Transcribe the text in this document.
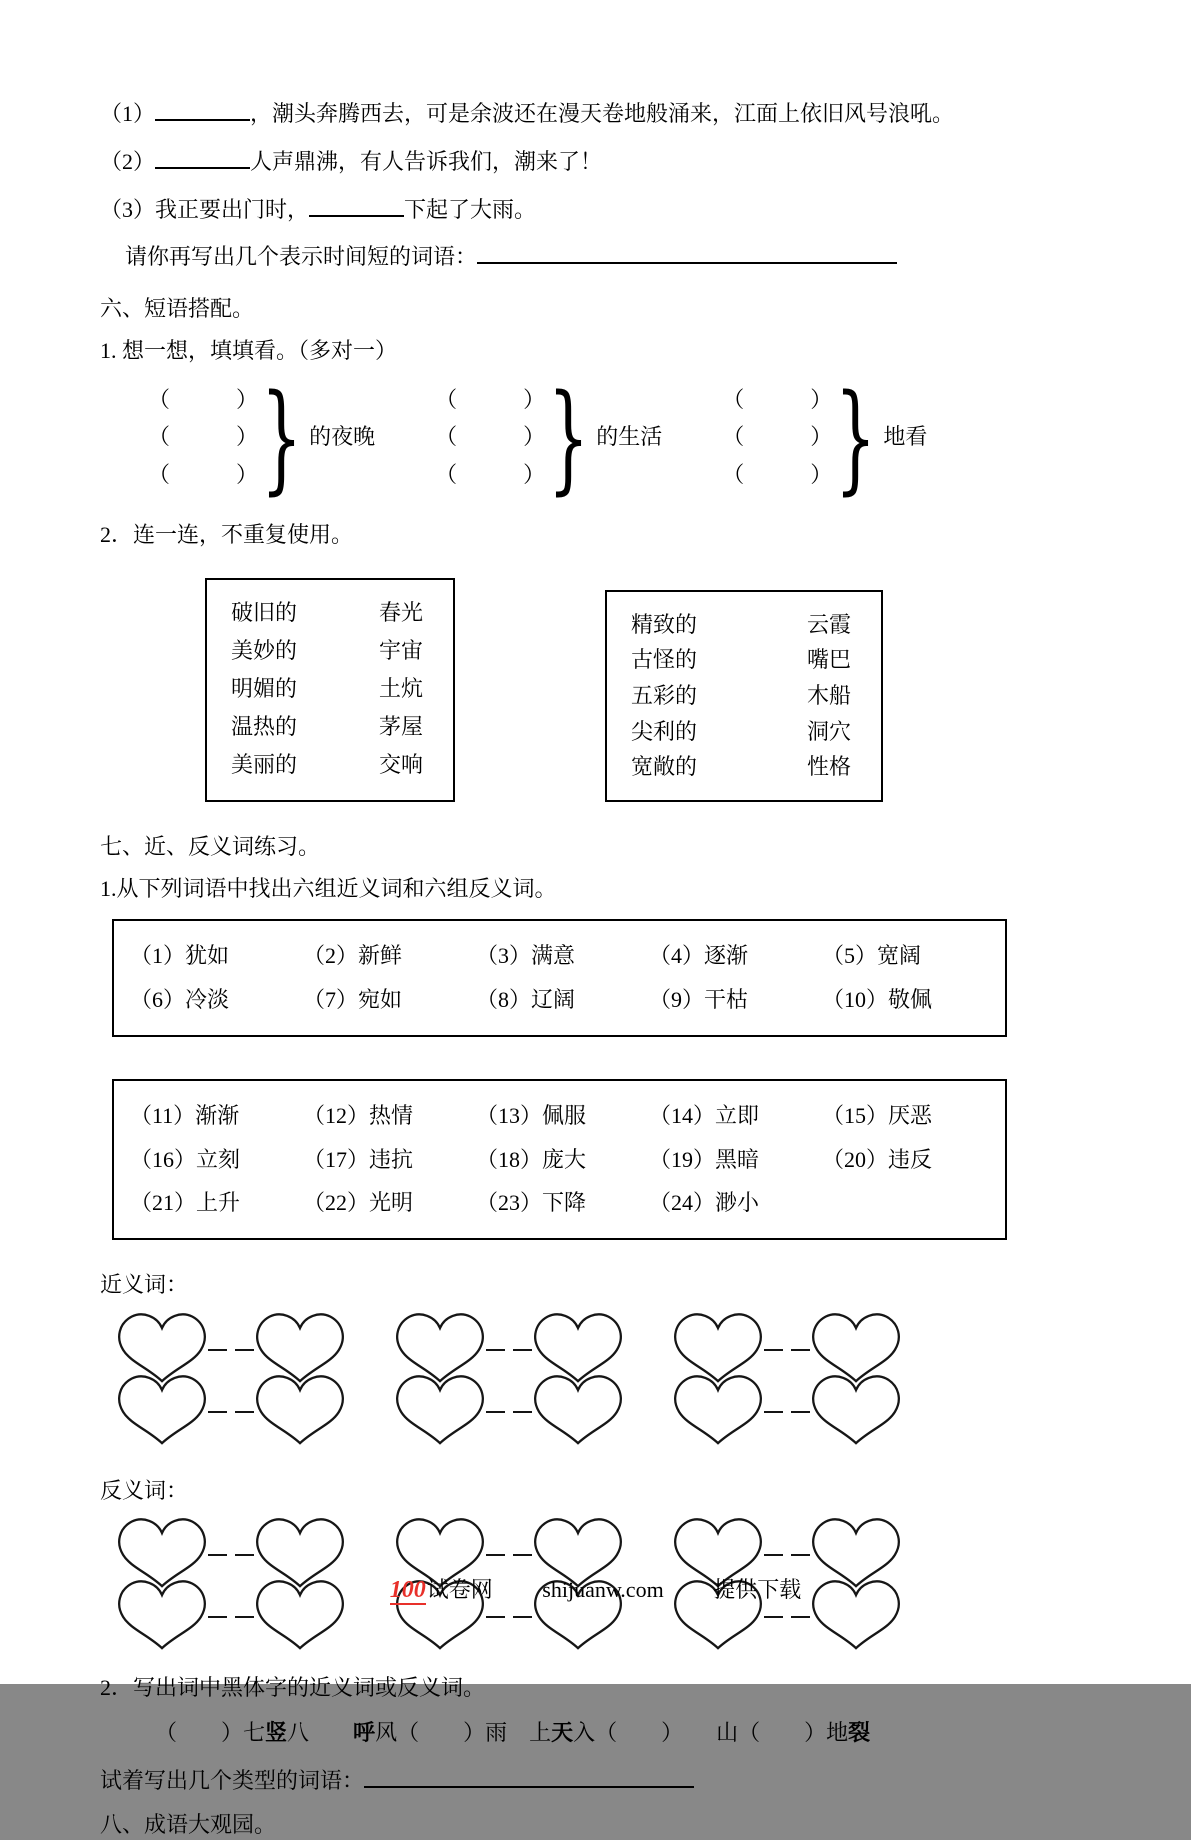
（1）	，潮头奔腾西去，可是余波还在漫天卷地般涌来，江面上依旧风号浪吼。
（2）	人声鼎沸，有人告诉我们，潮来了！
（3）我正要出门时，	下起了大雨。
请你再写出几个表示时间短的词语：
六、短语搭配。
1. 想一想，填填看。（多对一）
（　　　）
（　　　）
（　　　） } 的夜晚
（　　　）
（　　　）
（　　　） } 的生活
（　　　）
（　　　）
（　　　） } 地看
2．连一连，不重复使用。
破旧的	春光
美妙的	宇宙
明媚的	土炕
温热的	茅屋
美丽的	交响
精致的	云霞
古怪的	嘴巴
五彩的	木船
尖利的	洞穴
宽敞的	性格
七、近、反义词练习。
1.从下列词语中找出六组近义词和六组反义词。
（1）犹如	（2）新鲜	（3）满意	（4）逐渐	（5）宽阔
（6）冷淡	（7）宛如	（8）辽阔	（9）干枯	（10）敬佩
（11）渐渐	（12）热情	（13）佩服	（14）立即	（15）厌恶
（16）立刻	（17）违抗	（18）庞大	（19）黑暗	（20）违反
（21）上升	（22）光明	（23）下降	（24）渺小
近义词：
反义词：
2．写出词中黑体字的近义词或反义词。
（　　）七竖八　　呼风（　　）雨　上天入（　　）　　山（　　）地裂
试着写出几个类型的词语：
八、成语大观园。
100试卷网 shijuanw.com 提供下载
